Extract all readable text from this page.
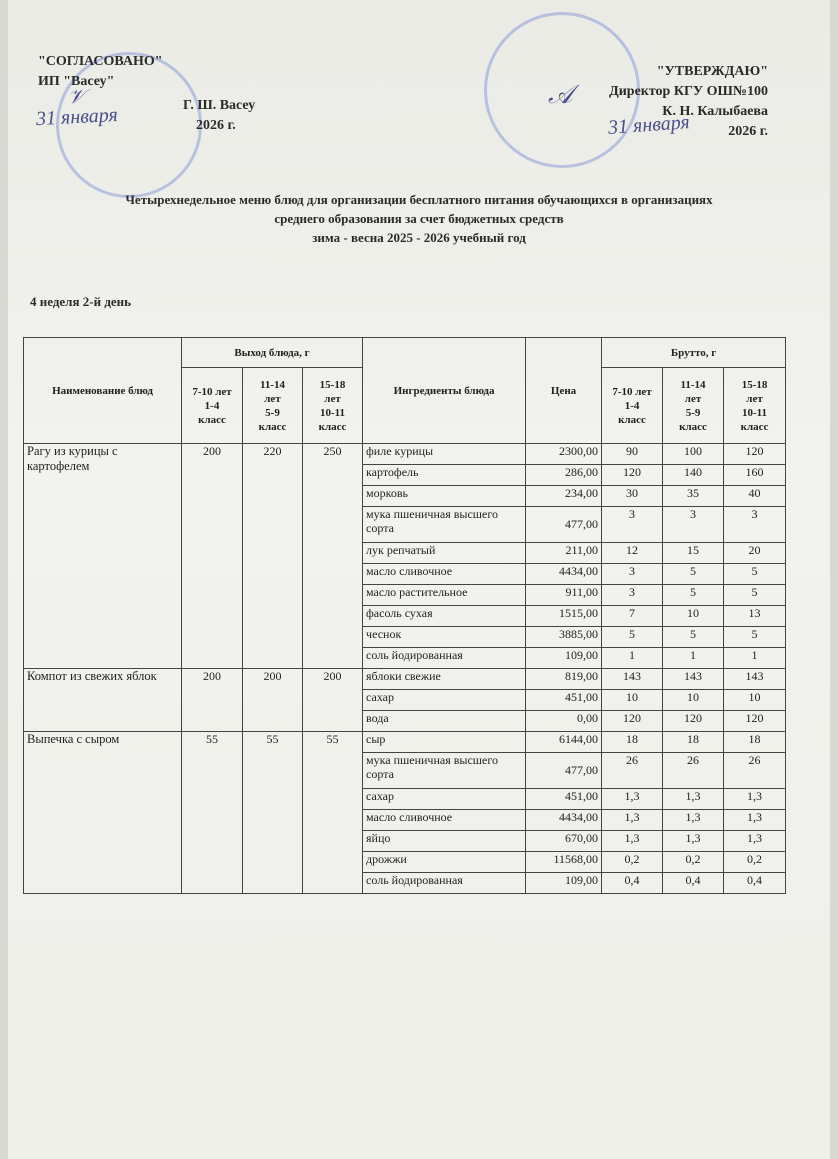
"СОГЛАСОВАНО"
ИП "Васеу"
Г. Ш. Васеу
2026 г.
31 января
𝒱
"УТВЕРЖДАЮ"
Директор КГУ ОШ№100
К. Н. Калыбаева
2026 г.
31 января
𝒜
Четырехнедельное меню блюд для организации бесплатного питания обучающихся в организациях
среднего образования за счет бюджетных средств
зима - весна 2025 - 2026 учебный год
4 неделя 2-й день
Наименование блюд	Выход блюда, г			Ингредиенты блюда	Цена	Брутто, г		
	7-10 лет
1-4
класс	11-14
лет
5-9
класс	15-18
лет
10-11
класс			7-10 лет
1-4
класс	11-14
лет
5-9
класс	15-18
лет
10-11
класс
Рагу из курицы с картофелем	200	220	250	филе курицы	2300,00	90	100	120
				картофель	286,00	120	140	160
				морковь	234,00	30	35	40
				мука пшеничная высшего сорта	477,00	3	3	3
				лук репчатый	211,00	12	15	20
				масло сливочное	4434,00	3	5	5
				масло растительное	911,00	3	5	5
				фасоль сухая	1515,00	7	10	13
				чеснок	3885,00	5	5	5
				соль йодированная	109,00	1	1	1
Компот из свежих яблок	200	200	200	яблоки свежие	819,00	143	143	143
				сахар	451,00	10	10	10
				вода	0,00	120	120	120
Выпечка с сыром	55	55	55	сыр	6144,00	18	18	18
				мука пшеничная высшего сорта	477,00	26	26	26
				сахар	451,00	1,3	1,3	1,3
				масло сливочное	4434,00	1,3	1,3	1,3
				яйцо	670,00	1,3	1,3	1,3
				дрожжи	11568,00	0,2	0,2	0,2
				соль йодированная	109,00	0,4	0,4	0,4
